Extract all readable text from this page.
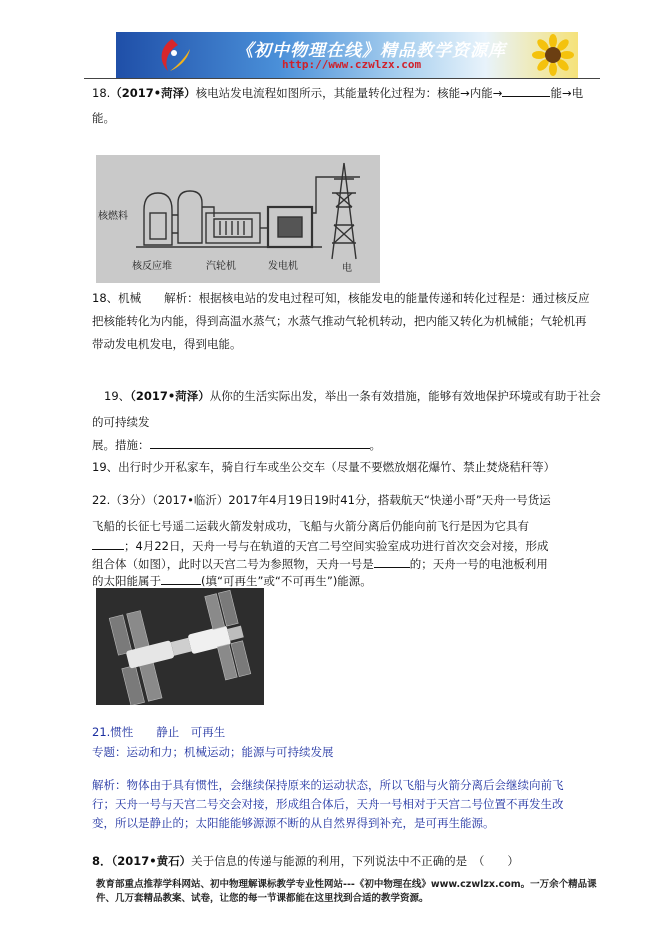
《初中物理在线》精品教学资源库
http://www.czwlzx.com
18.（2017•菏泽）核电站发电流程如图所示，其能量转化过程为：核能→内能→	能→电
能。
核燃料
核反应堆	汽轮机	发电机	电
18、机械　　解析：根据核电站的发电过程可知，核能发电的能量传递和转化过程是：通过核反应
把核能转化为内能，得到高温水蒸气；水蒸气推动气轮机转动，把内能又转化为机械能；气轮机再
带动发电机发电，得到电能。
19、（2017•菏泽）从你的生活实际出发，举出一条有效措施，能够有效地保护环境或有助于社会
的可持续发
展。措施：	。
19、出行时少开私家车，骑自行车或坐公交车（尽量不要燃放烟花爆竹、禁止焚烧秸秆等）
22.（3分）（2017•临沂）2017年4月19日19时41分，搭载航天“快递小哥”天舟一号货运
飞船的长征七号遥二运载火箭发射成功，飞船与火箭分离后仍能向前飞行是因为它具有
；4月22日，天舟一号与在轨道的天宫二号空间实验室成功进行首次交会对接，形成
组合体（如图），此时以天宫二号为参照物，天舟一号是	的；天舟一号的电池板利用
的太阳能属于	(填“可再生”或“不可再生”)能源。
21.惯性　　静止　可再生
专题：运动和力；机械运动；能源与可持续发展
解析：物体由于具有惯性，会继续保持原来的运动状态，所以飞船与火箭分离后会继续向前飞
行；天舟一号与天宫二号交会对接，形成组合体后，天舟一号相对于天宫二号位置不再发生改
变，所以是静止的；太阳能能够源源不断的从自然界得到补充，是可再生能源。
8．（2017•黄石）关于信息的传递与能源的利用，下列说法中不正确的是　（　　）
教育部重点推荐学科网站、初中物理解课标教学专业性网站---《初中物理在线》www.czwlzx.com。一万余个精品课
件、几万套精品教案、试卷，让您的每一节课都能在这里找到合适的教学资源。
